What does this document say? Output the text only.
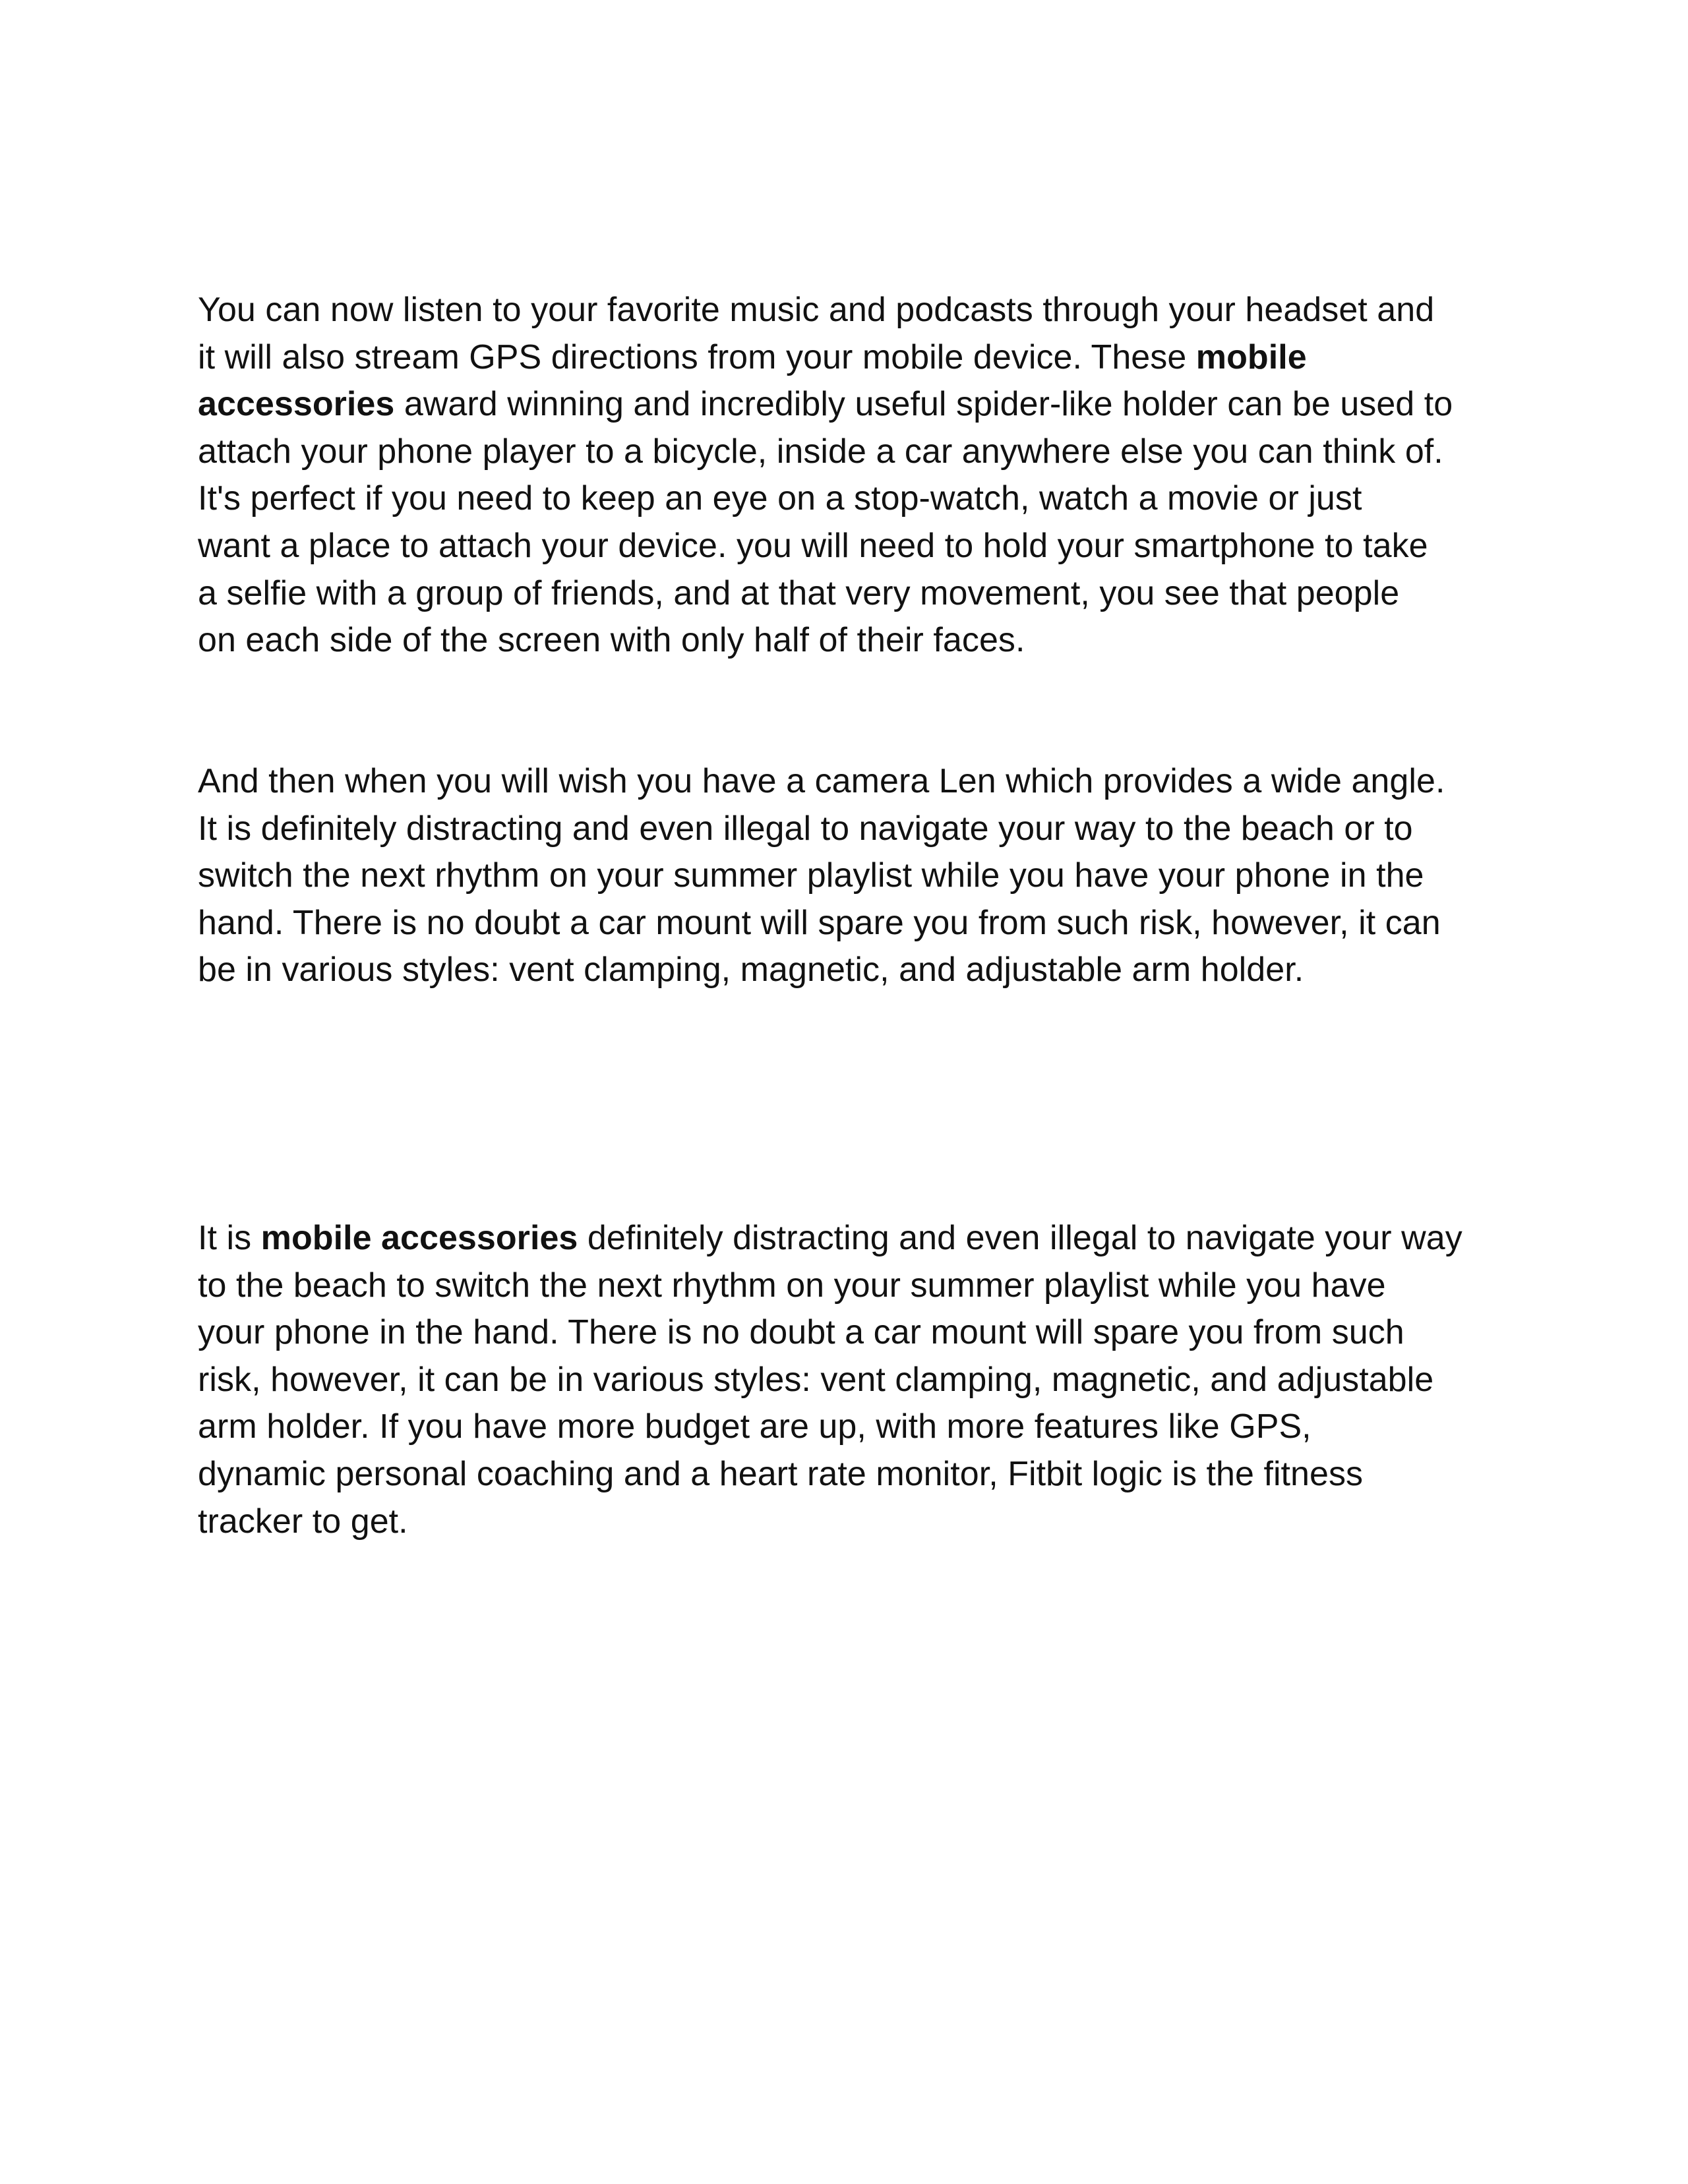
You can now listen to your favorite music and podcasts through your headset and
it will also stream GPS directions from your mobile device. These mobile
accessories award winning and incredibly useful spider-like holder can be used to
attach your phone player to a bicycle, inside a car anywhere else you can think of.
It's perfect if you need to keep an eye on a stop-watch, watch a movie or just
want a place to attach your device. you will need to hold your smartphone to take
a selfie with a group of friends, and at that very movement, you see that people
on each side of the screen with only half of their faces.

And then when you will wish you have a camera Len which provides a wide angle.
It is definitely distracting and even illegal to navigate your way to the beach or to
switch the next rhythm on your summer playlist while you have your phone in the
hand. There is no doubt a car mount will spare you from such risk, however, it can
be in various styles: vent clamping, magnetic, and adjustable arm holder.

It is mobile accessories definitely distracting and even illegal to navigate your way
to the beach to switch the next rhythm on your summer playlist while you have
your phone in the hand. There is no doubt a car mount will spare you from such
risk, however, it can be in various styles: vent clamping, magnetic, and adjustable
arm holder. If you have more budget are up, with more features like GPS,
dynamic personal coaching and a heart rate monitor, Fitbit logic is the fitness
tracker to get.
